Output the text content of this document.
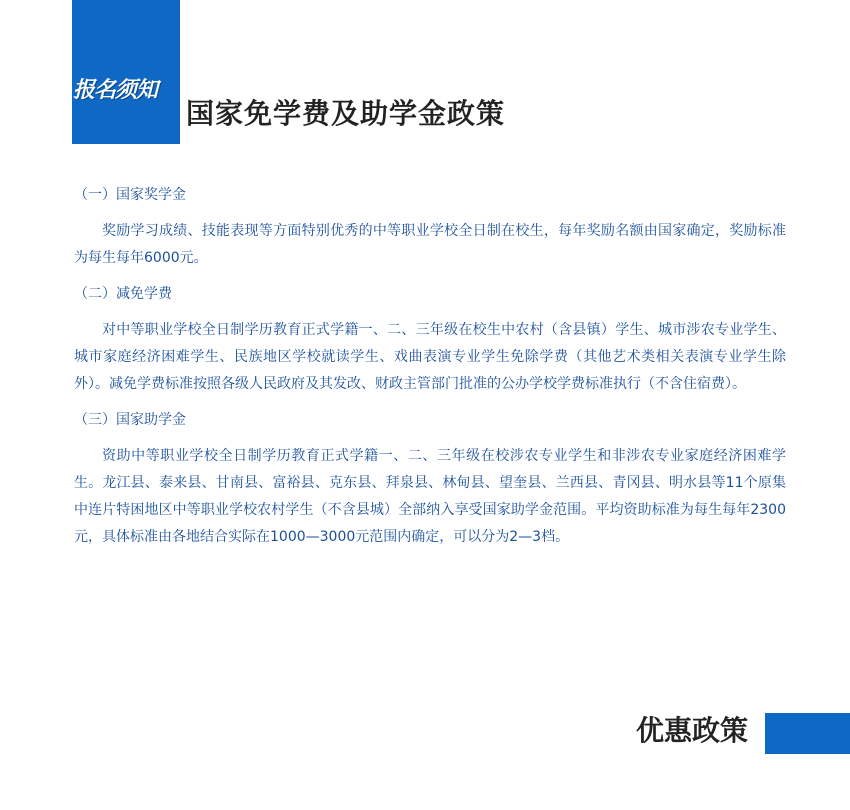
报名须知
国家免学费及助学金政策

（一）国家奖学金

奖励学习成绩、技能表现等方面特别优秀的中等职业学校全日制在校生，每年奖励名额由国家确定，奖励标准为每生每年6000元。

（二）减免学费

对中等职业学校全日制学历教育正式学籍一、二、三年级在校生中农村（含县镇）学生、城市涉农专业学生、城市家庭经济困难学生、民族地区学校就读学生、戏曲表演专业学生免除学费（其他艺术类相关表演专业学生除外）。减免学费标准按照各级人民政府及其发改、财政主管部门批准的公办学校学费标准执行（不含住宿费）。

（三）国家助学金

资助中等职业学校全日制学历教育正式学籍一、二、三年级在校涉农专业学生和非涉农专业家庭经济困难学生。龙江县、泰来县、甘南县、富裕县、克东县、拜泉县、林甸县、望奎县、兰西县、青冈县、明水县等11个原集中连片特困地区中等职业学校农村学生（不含县城）全部纳入享受国家助学金范围。平均资助标准为每生每年2300元，具体标准由各地结合实际在1000—3000元范围内确定，可以分为2—3档。

优惠政策
